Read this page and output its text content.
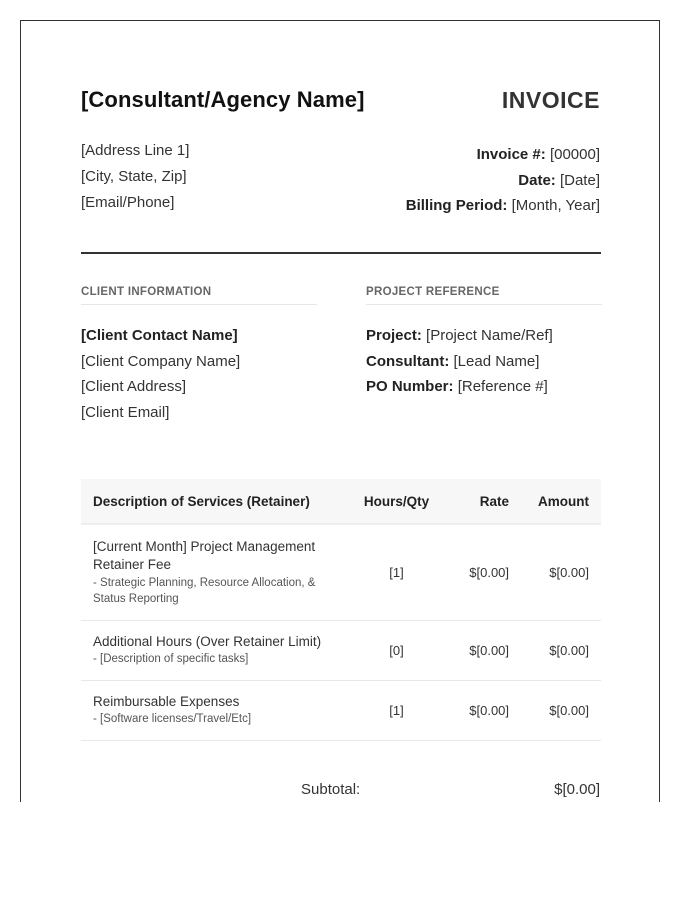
[Consultant/Agency Name]	INVOICE
[Address Line 1]
[City, State, Zip]
[Email/Phone]
Invoice #: [00000]
Date: [Date]
Billing Period: [Month, Year]
CLIENT INFORMATION	PROJECT REFERENCE
[Client Contact Name]
[Client Company Name]
[Client Address]
[Client Email]
Project: [Project Name/Ref]
Consultant: [Lead Name]
PO Number: [Reference #]
Description of Services (Retainer)	Hours/Qty	Rate	Amount

[Current Month] Project Management Retainer Fee
- Strategic Planning, Resource Allocation, & Status Reporting	[1]	$[0.00]	$[0.00]

Additional Hours (Over Retainer Limit)
- [Description of specific tasks]	[0]	$[0.00]	$[0.00]

Reimbursable Expenses
- [Software licenses/Travel/Etc]	[1]	$[0.00]	$[0.00]
Subtotal:	$[0.00]
